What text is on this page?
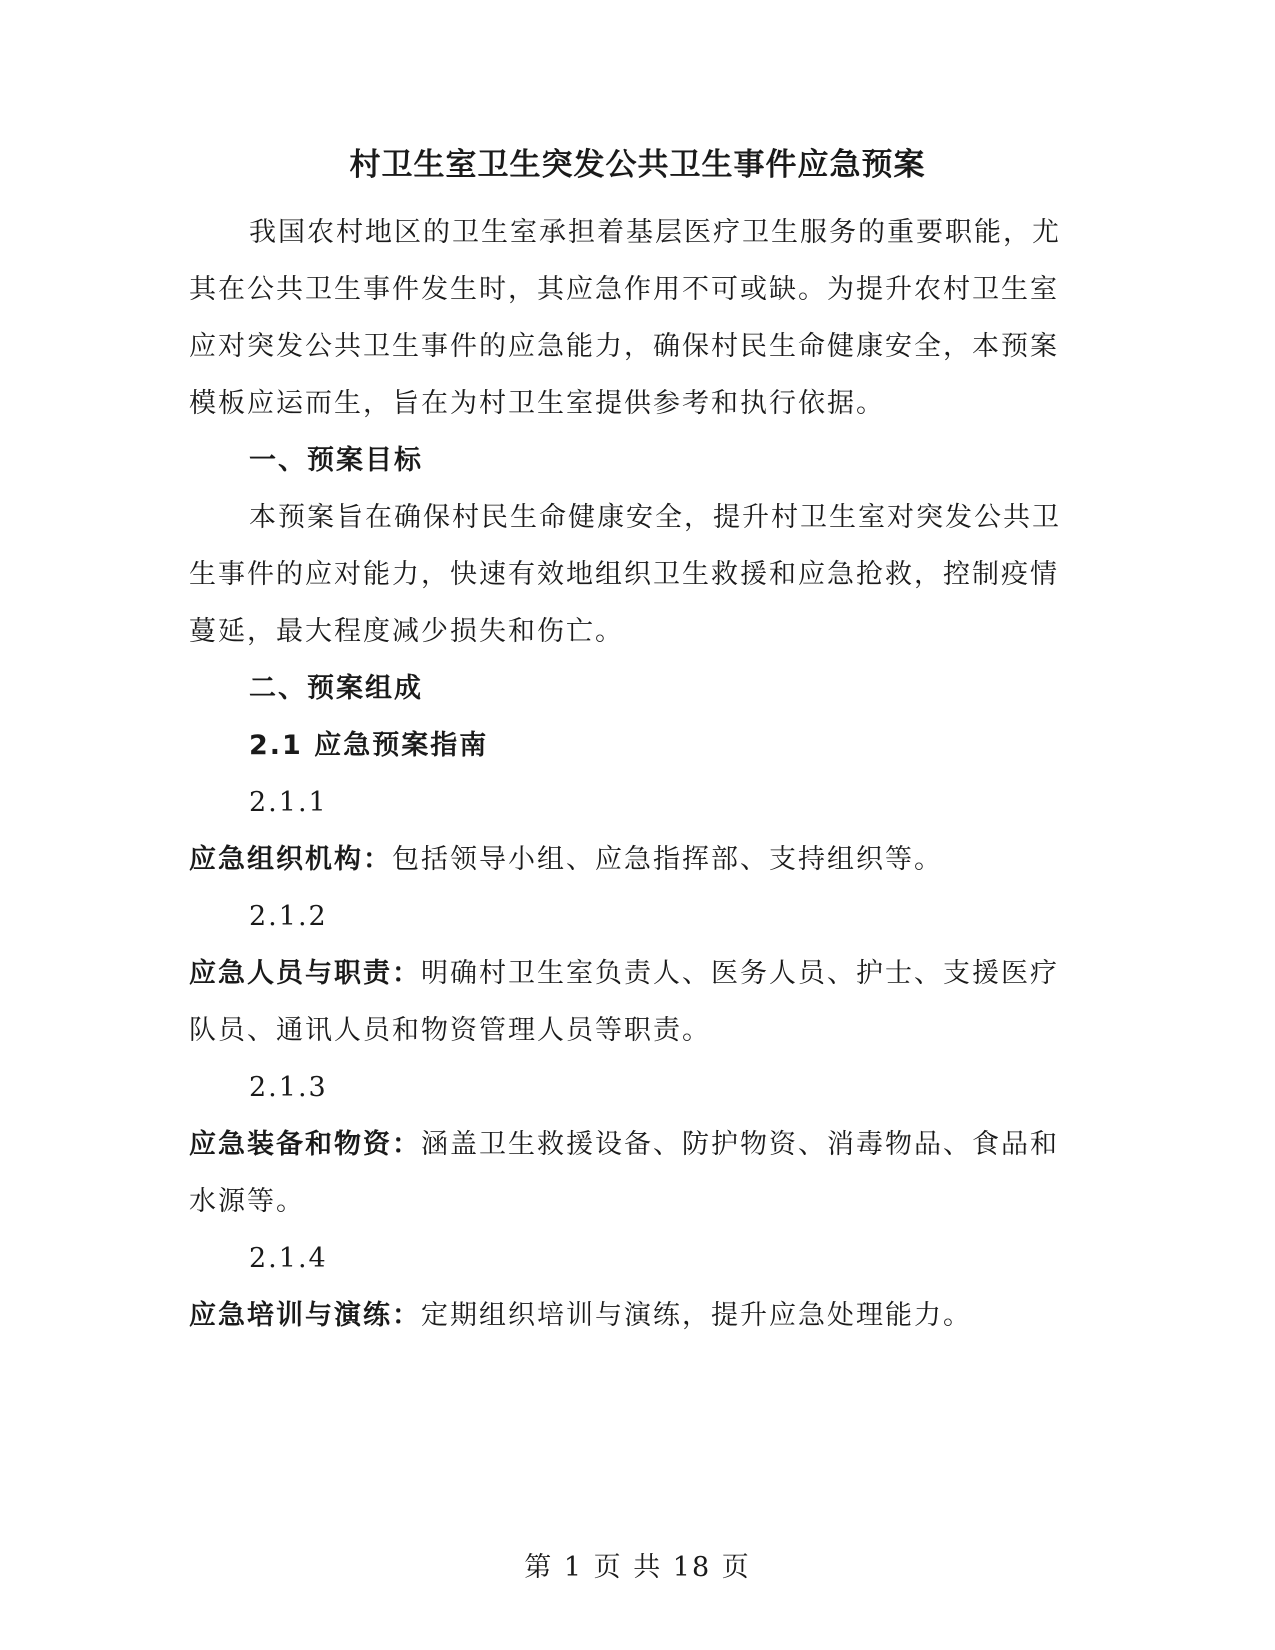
村卫生室卫生突发公共卫生事件应急预案
我国农村地区的卫生室承担着基层医疗卫生服务的重要职能，尤其在公共卫生事件发生时，其应急作用不可或缺。为提升农村卫生室应对突发公共卫生事件的应急能力，确保村民生命健康安全，本预案模板应运而生，旨在为村卫生室提供参考和执行依据。
一、预案目标
本预案旨在确保村民生命健康安全，提升村卫生室对突发公共卫生事件的应对能力，快速有效地组织卫生救援和应急抢救，控制疫情蔓延，最大程度减少损失和伤亡。
二、预案组成
2.1 应急预案指南
2.1.1
应急组织机构：包括领导小组、应急指挥部、支持组织等。
2.1.2
应急人员与职责：明确村卫生室负责人、医务人员、护士、支援医疗队员、通讯人员和物资管理人员等职责。
2.1.3
应急装备和物资：涵盖卫生救援设备、防护物资、消毒物品、食品和水源等。
2.1.4
应急培训与演练：定期组织培训与演练，提升应急处理能力。
第 1 页 共 18 页
